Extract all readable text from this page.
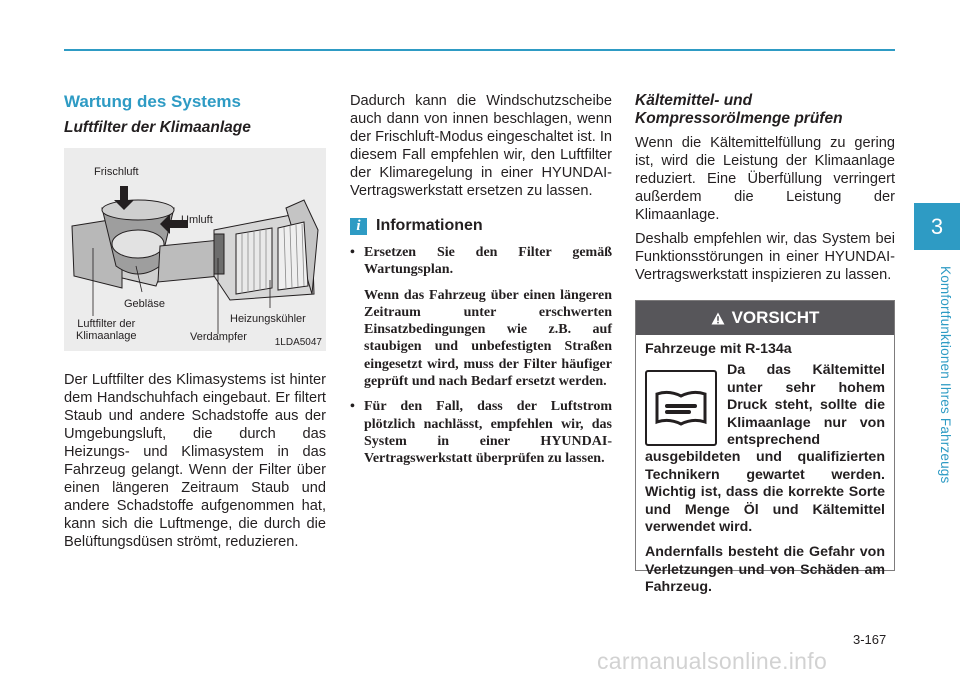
3
Komfortfunktionen Ihres Fahrzeugs
Wartung des Systems
Luftfilter der Klimaanlage
Frischluft
Umluft
Gebläse
Luftfilter der
Klimaanlage
Heizungskühler
Verdampfer	1LDA5047

Der Luftfilter des Klimasystems ist hinter dem Handschuhfach eingebaut. Er filtert Staub und andere Schadstoffe aus der Umgebungsluft, die durch das Heizungs- und Klimasystem in das Fahrzeug gelangt. Wenn der Filter über einen längeren Zeitraum Staub und andere Schadstoffe aufgenommen hat, kann sich die Luftmenge, die durch die Belüftungsdüsen strömt, reduzieren.

Dadurch kann die Windschutzscheibe auch dann von innen beschlagen, wenn der Frischluft-Modus eingeschaltet ist. In diesem Fall empfehlen wir, den Luftfilter der Klimaregelung in einer HYUNDAI-Vertragswerkstatt ersetzen zu lassen.

i Informationen

• Ersetzen Sie den Filter gemäß Wartungsplan.

Wenn das Fahrzeug über einen längeren Zeitraum unter erschwerten Einsatzbedingungen wie z.B. auf staubigen und unbefestigten Straßen eingesetzt wird, muss der Filter häufiger geprüft und nach Bedarf ersetzt werden.

• Für den Fall, dass der Luftstrom plötzlich nachlässt, empfehlen wir, das System in einer HYUNDAI-Vertragswerkstatt überprüfen zu lassen.

Kältemittel- und
Kompressorölmenge prüfen

Wenn die Kältemittelfüllung zu gering ist, wird die Leistung der Klimaanlage reduziert. Eine Überfüllung verringert außerdem die Leistung der Klimaanlage.

Deshalb empfehlen wir, das System bei Funktionsstörungen in einer HYUNDAI-Vertragswerkstatt inspizieren zu lassen.

VORSICHT

Fahrzeuge mit R-134a

Da das Kältemittel unter sehr hohem Druck steht, sollte die Klimaanlage nur von entsprechend ausgebildeten und qualifizierten Technikern gewartet werden. Wichtig ist, dass die korrekte Sorte und Menge Öl und Kältemittel verwendet wird.

Andernfalls besteht die Gefahr von Verletzungen und von Schäden am Fahrzeug.

3-167
carmanualsonline.info
